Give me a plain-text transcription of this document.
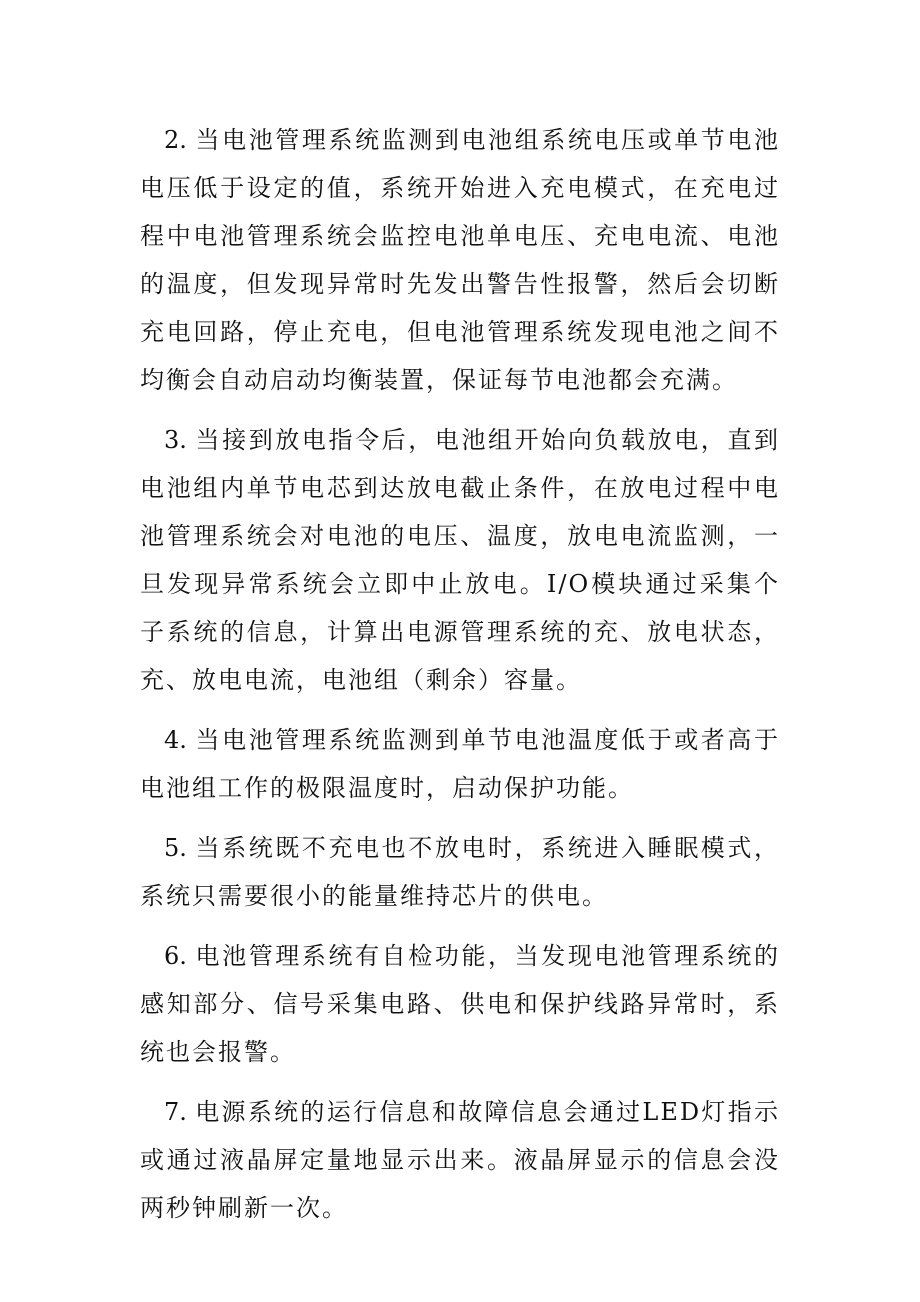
2. 当电池管理系统监测到电池组系统电压或单节电池电压低于设定的值，系统开始进入充电模式，在充电过程中电池管理系统会监控电池单电压、充电电流、电池的温度，但发现异常时先发出警告性报警，然后会切断充电回路，停止充电，但电池管理系统发现电池之间不均衡会自动启动均衡装置，保证每节电池都会充满。

3. 当接到放电指令后，电池组开始向负载放电，直到电池组内单节电芯到达放电截止条件，在放电过程中电池管理系统会对电池的电压、温度，放电电流监测，一旦发现异常系统会立即中止放电。I/O模块通过采集个子系统的信息，计算出电源管理系统的充、放电状态，充、放电电流，电池组（剩余）容量。

4. 当电池管理系统监测到单节电池温度低于或者高于电池组工作的极限温度时，启动保护功能。

5. 当系统既不充电也不放电时，系统进入睡眠模式，系统只需要很小的能量维持芯片的供电。

6. 电池管理系统有自检功能，当发现电池管理系统的感知部分、信号采集电路、供电和保护线路异常时，系统也会报警。

7. 电源系统的运行信息和故障信息会通过LED灯指示或通过液晶屏定量地显示出来。液晶屏显示的信息会没两秒钟刷新一次。
